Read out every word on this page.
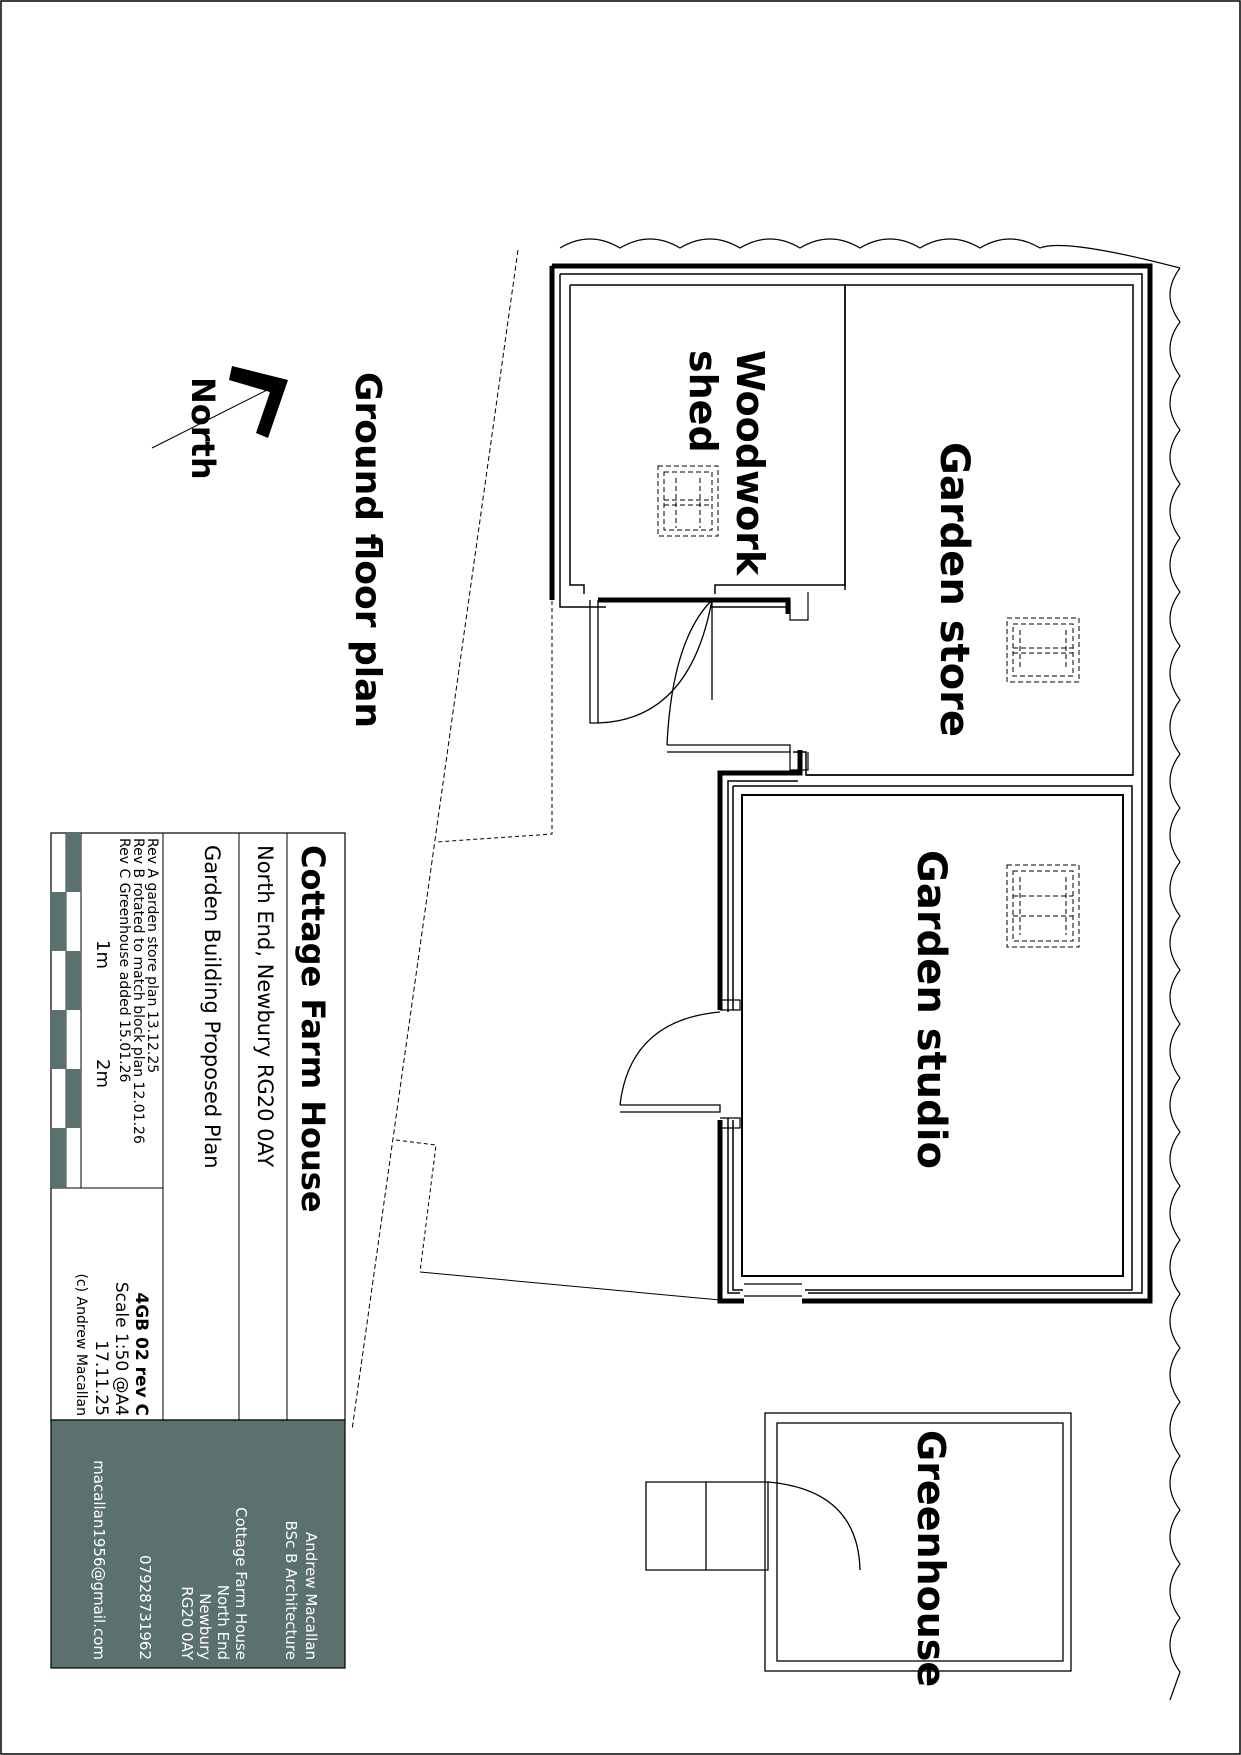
Woodwork
shed
Garden store
Garden studio
Greenhouse
Ground floor plan
North
1m
2m	Cottage Farm House
North End, Newbury RG20 0AY
Garden Building Proposed Plan
Rev A garden store plan 13.12.25
Rev B rotated to match block plan 12.01.26
Rev C Greenhouse added 15.01.26
4GB 02 rev C
Scale 1:50 @A4
17.11.25
(c) Andrew Macallan
Andrew Macallan
BSc B Architecture
Cottage Farm House
North End
Newbury
RG20 0AY
07928731962
macallan1956@gmail.com
